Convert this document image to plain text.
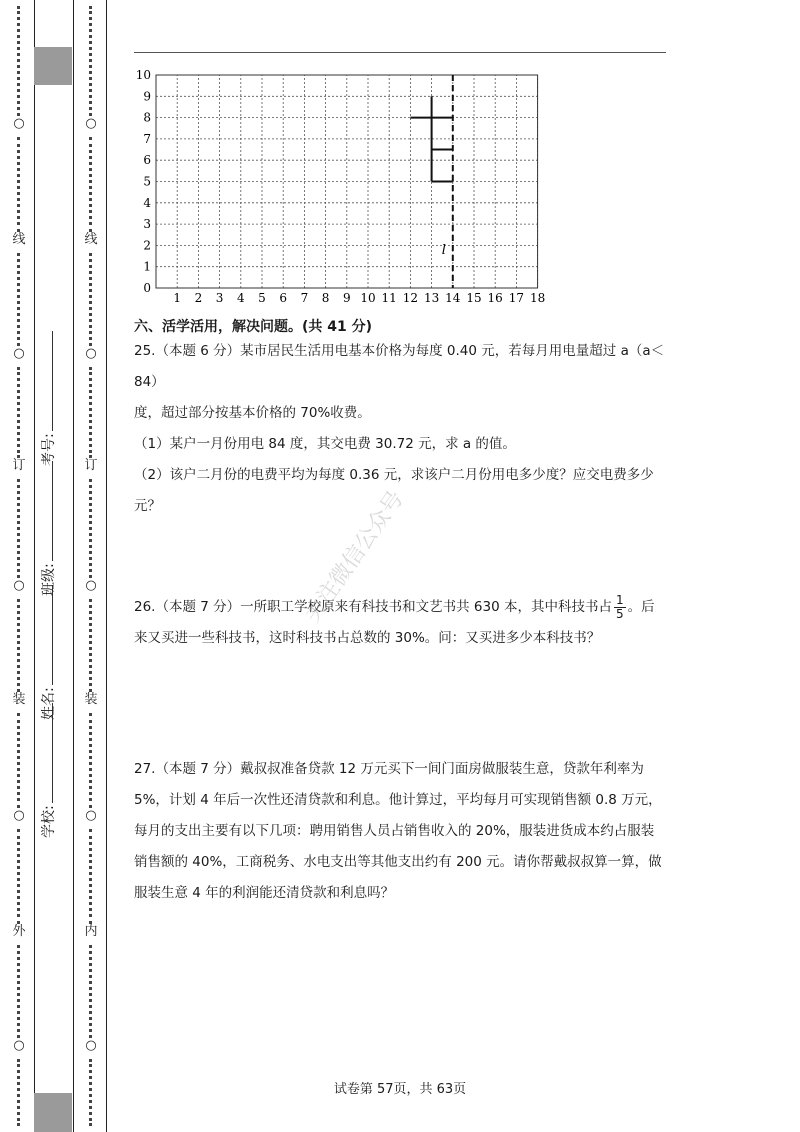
○
线
○
订
○
装
○
外
○
○
线
○
订
○
装
○
内
○
学校:
姓名:
班级:
考号:
1 2 3 4 5 6 7 8 9 10 11 12 13 14 15 16 17 18
0
1
2
3
4
5
6
7
8
9
10
l
六、活学活用，解决问题。(共 41 分)
25.（本题 6 分）某市居民生活用电基本价格为每度 0.40 元，若每月用电量超过 a（a＜84）
度，超过部分按基本价格的 70%收费。
（1）某户一月份用电 84 度，其交电费 30.72 元，求 a 的值。
（2）该户二月份的电费平均为每度 0.36 元，求该户二月份用电多少度？应交电费多少
元？
26.（本题 7 分）一所职工学校原来有科技书和文艺书共 630 本，其中科技书占 $\frac{1}{5}$ 。后
来又买进一些科技书，这时科技书占总数的 30%。问：又买进多少本科技书？
27.（本题 7 分）戴叔叔准备贷款 12 万元买下一间门面房做服装生意，贷款年利率为
5%，计划 4 年后一次性还清贷款和利息。他计算过，平均每月可实现销售额 0.8 万元，
每月的支出主要有以下几项：聘用销售人员占销售收入的 20%，服装进货成本约占服装
销售额的 40%，工商税务、水电支出等其他支出约有 200 元。请你帮戴叔叔算一算，做
服装生意 4 年的利润能还清贷款和利息吗？
关注微信公众号
试卷第 57页，共 63页
